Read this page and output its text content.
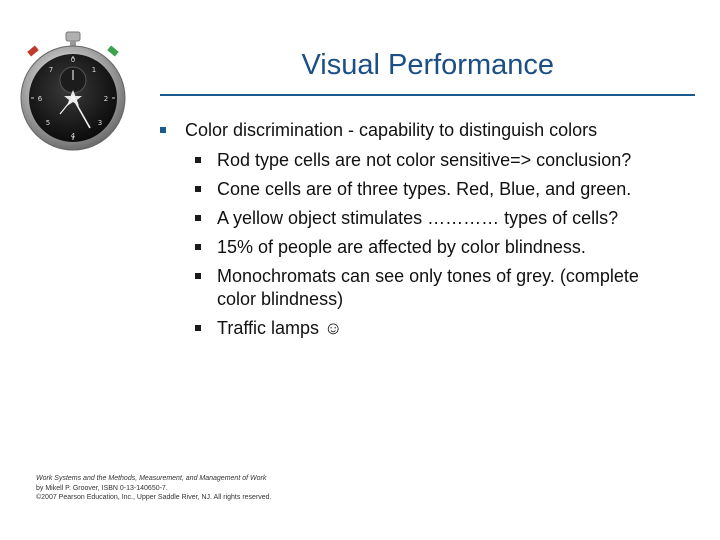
0
2
4
6
1
3
5
7	Visual Performance
Color discrimination - capability to distinguish colors
Rod type cells are not color sensitive=> conclusion?
Cone cells are of three types. Red, Blue, and green.
A yellow object stimulates ………… types of cells?
15% of people are affected by color blindness.
Monochromats can see only tones of grey. (complete
color blindness)
Traffic lamps ☺
Work Systems and the Methods, Measurement, and Management of Work
by Mikell P. Groover, ISBN 0-13-140650-7.
©2007 Pearson Education, Inc., Upper Saddle River, NJ. All rights reserved.
